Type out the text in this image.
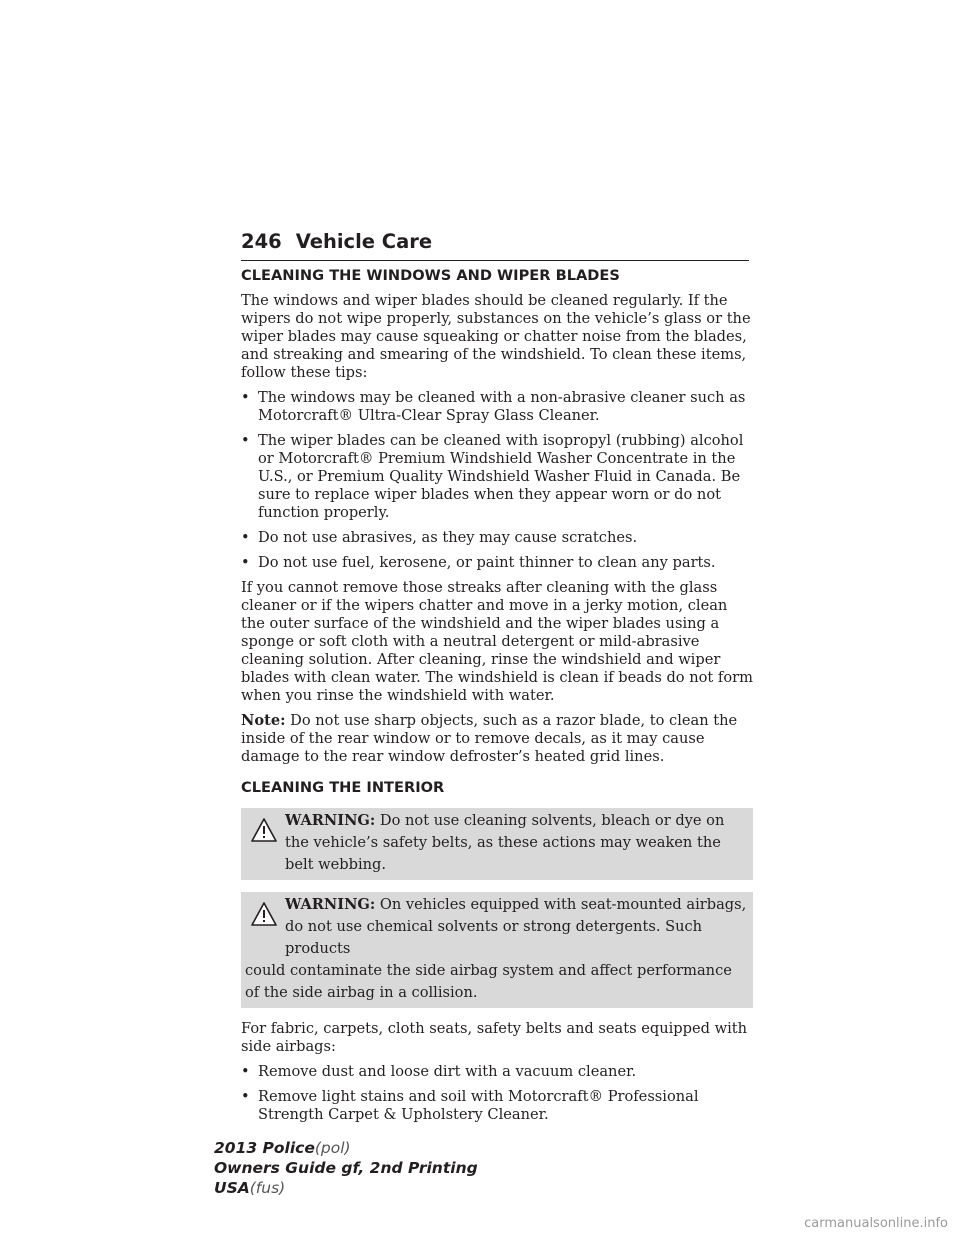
246 Vehicle Care
CLEANING THE WINDOWS AND WIPER BLADES

The windows and wiper blades should be cleaned regularly. If the wipers do not wipe properly, substances on the vehicle’s glass or the wiper blades may cause squeaking or chatter noise from the blades, and streaking and smearing of the windshield. To clean these items, follow these tips:

• The windows may be cleaned with a non-abrasive cleaner such as Motorcraft® Ultra-Clear Spray Glass Cleaner.
• The wiper blades can be cleaned with isopropyl (rubbing) alcohol or Motorcraft® Premium Windshield Washer Concentrate in the U.S., or Premium Quality Windshield Washer Fluid in Canada. Be sure to replace wiper blades when they appear worn or do not function properly.
• Do not use abrasives, as they may cause scratches.
• Do not use fuel, kerosene, or paint thinner to clean any parts.

If you cannot remove those streaks after cleaning with the glass cleaner or if the wipers chatter and move in a jerky motion, clean the outer surface of the windshield and the wiper blades using a sponge or soft cloth with a neutral detergent or mild-abrasive cleaning solution. After cleaning, rinse the windshield and wiper blades with clean water. The windshield is clean if beads do not form when you rinse the windshield with water.

Note: Do not use sharp objects, such as a razor blade, to clean the inside of the rear window or to remove decals, as it may cause damage to the rear window defroster’s heated grid lines.

CLEANING THE INTERIOR
WARNING: Do not use cleaning solvents, bleach or dye on the vehicle’s safety belts, as these actions may weaken the belt webbing.
WARNING: On vehicles equipped with seat-mounted airbags, do not use chemical solvents or strong detergents. Such products
could contaminate the side airbag system and affect performance of the side airbag in a collision.

For fabric, carpets, cloth seats, safety belts and seats equipped with side airbags:

• Remove dust and loose dirt with a vacuum cleaner.
• Remove light stains and soil with Motorcraft® Professional Strength Carpet & Upholstery Cleaner.
2013 Police(pol)
Owners Guide gf, 2nd Printing
USA(fus)
carmanualsonline.info
